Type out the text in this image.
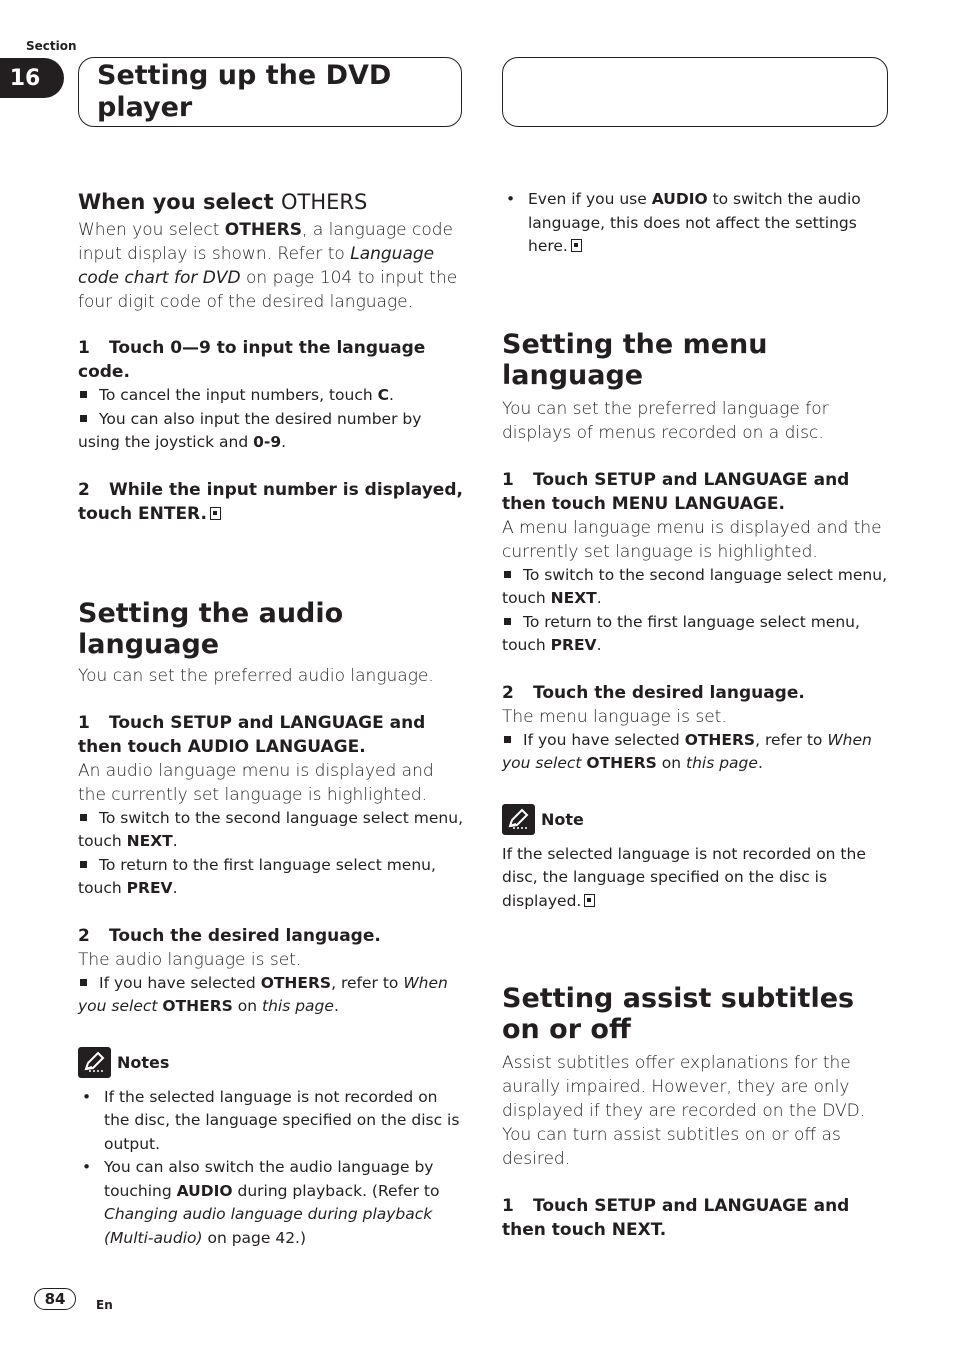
Section
16	Setting up the DVD
player
When you select OTHERS

When you select OTHERS, a language code input display is shown. Refer to Language code chart for DVD on page 104 to input the four digit code of the desired language.

1 Touch 0—9 to input the language code.

To cancel the input numbers, touch C.

You can also input the desired number by using the joystick and 0-9.

2 While the input number is displayed, touch ENTER.
Setting the audio language

You can set the preferred audio language.

1 Touch SETUP and LANGUAGE and then touch AUDIO LANGUAGE.

An audio language menu is displayed and the currently set language is highlighted.

To switch to the second language select menu, touch NEXT.

To return to the first language select menu, touch PREV.

2 Touch the desired language.

The audio language is set.

If you have selected OTHERS, refer to When you select OTHERS on this page.

Notes
• If the selected language is not recorded on the disc, the language specified on the disc is output.
• You can also switch the audio language by touching AUDIO during playback. (Refer to Changing audio language during playback (Multi-audio) on page 42.)
• Even if you use AUDIO to switch the audio language, this does not affect the settings here.
Setting the menu language

You can set the preferred language for displays of menus recorded on a disc.

1 Touch SETUP and LANGUAGE and then touch MENU LANGUAGE.

A menu language menu is displayed and the currently set language is highlighted.

To switch to the second language select menu, touch NEXT.

To return to the first language select menu, touch PREV.

2 Touch the desired language.

The menu language is set.

If you have selected OTHERS, refer to When you select OTHERS on this page.

Note

If the selected language is not recorded on the disc, the language specified on the disc is displayed.

Setting assist subtitles on or off

Assist subtitles offer explanations for the aurally impaired. However, they are only displayed if they are recorded on the DVD.

You can turn assist subtitles on or off as desired.

1 Touch SETUP and LANGUAGE and then touch NEXT.
84	En
